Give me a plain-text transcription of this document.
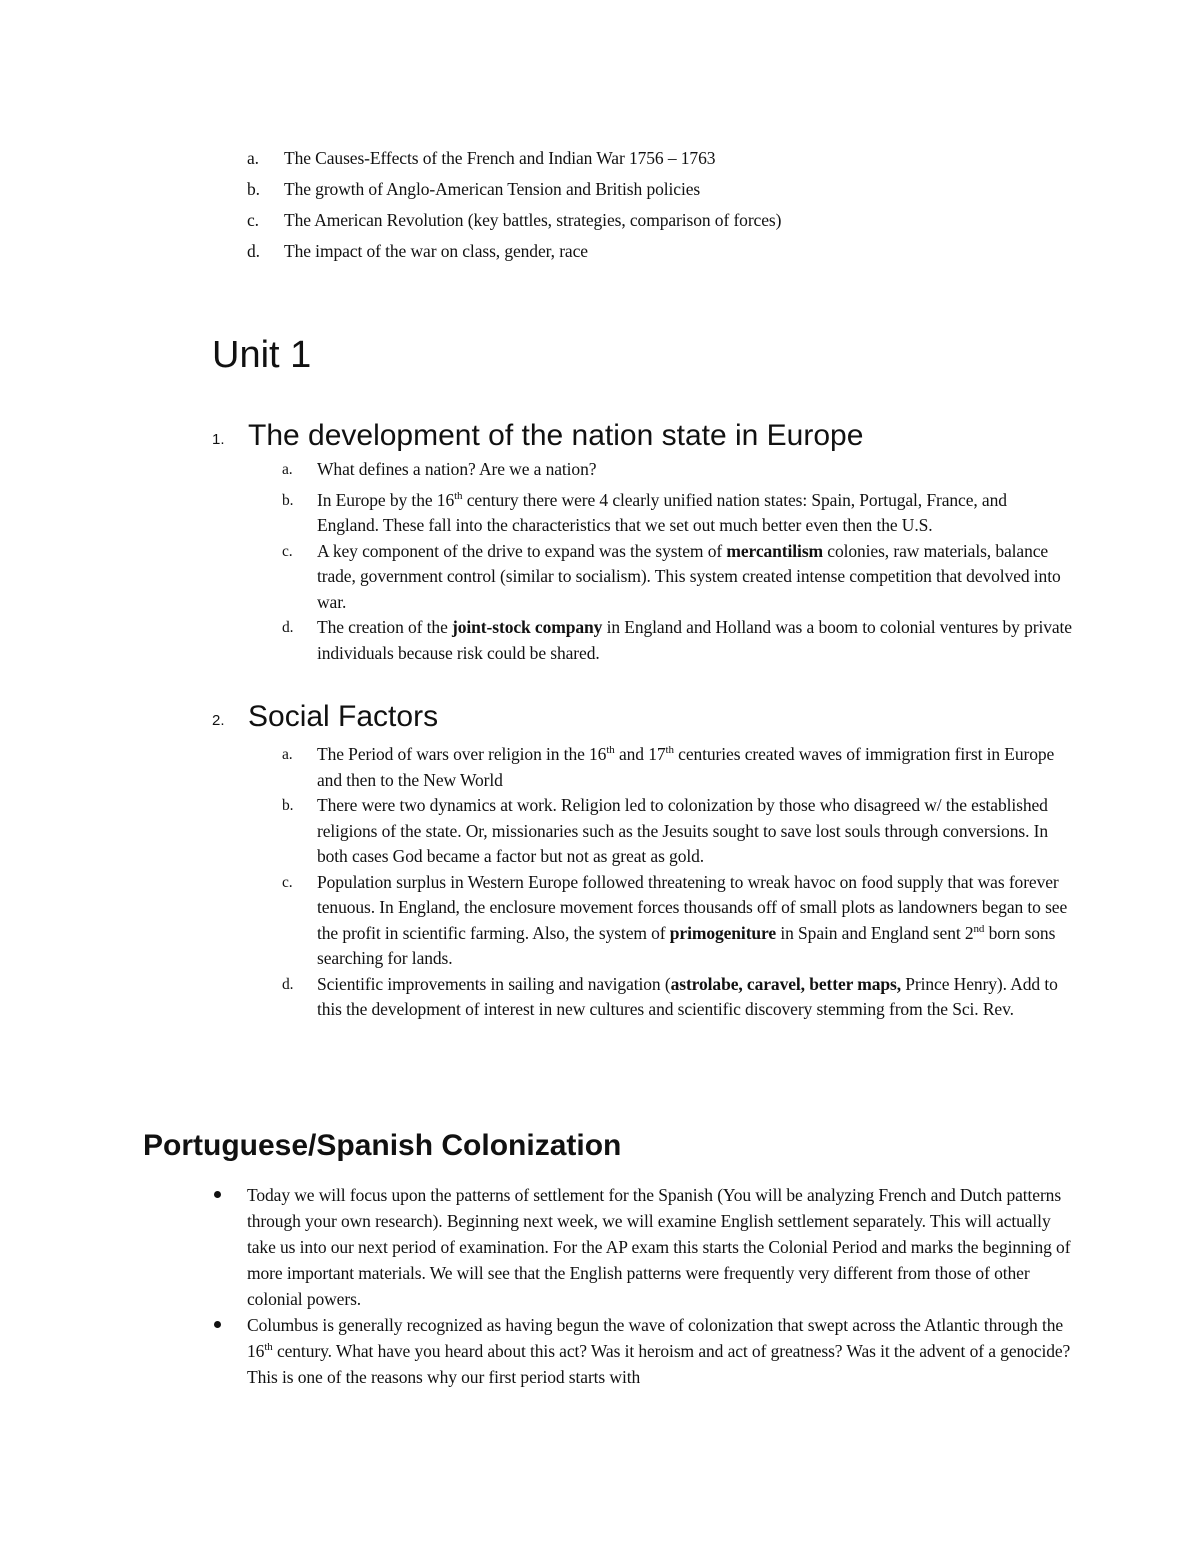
a.	The Causes-Effects of the French and Indian War 1756 – 1763
b.	The growth of Anglo-American Tension and British policies
c.	The American Revolution (key battles, strategies, comparison of forces)
d.	The impact of the war on class, gender, race
Unit 1
1. The development of the nation state in Europe
a. What defines a nation? Are we a nation?
b. In Europe by the 16th century there were 4 clearly unified nation states: Spain, Portugal, France, and England. These fall into the characteristics that we set out much better even then the U.S.
c. A key component of the drive to expand was the system of mercantilism colonies, raw materials, balance trade, government control (similar to socialism). This system created intense competition that devolved into war.
d. The creation of the joint-stock company in England and Holland was a boom to colonial ventures by private individuals because risk could be shared.
2. Social Factors
a. The Period of wars over religion in the 16th and 17th centuries created waves of immigration first in Europe and then to the New World
b. There were two dynamics at work. Religion led to colonization by those who disagreed w/ the established religions of the state. Or, missionaries such as the Jesuits sought to save lost souls through conversions. In both cases God became a factor but not as great as gold.
c. Population surplus in Western Europe followed threatening to wreak havoc on food supply that was forever tenuous. In England, the enclosure movement forces thousands off of small plots as landowners began to see the profit in scientific farming. Also, the system of primogeniture in Spain and England sent 2nd born sons searching for lands.
d. Scientific improvements in sailing and navigation (astrolabe, caravel, better maps, Prince Henry). Add to this the development of interest in new cultures and scientific discovery stemming from the Sci. Rev.
Portuguese/Spanish Colonization
Today we will focus upon the patterns of settlement for the Spanish (You will be analyzing French and Dutch patterns through your own research). Beginning next week, we will examine English settlement separately. This will actually take us into our next period of examination. For the AP exam this starts the Colonial Period and marks the beginning of more important materials. We will see that the English patterns were frequently very different from those of other colonial powers.
Columbus is generally recognized as having begun the wave of colonization that swept across the Atlantic through the 16th century. What have you heard about this act? Was it heroism and act of greatness? Was it the advent of a genocide? This is one of the reasons why our first period starts with
